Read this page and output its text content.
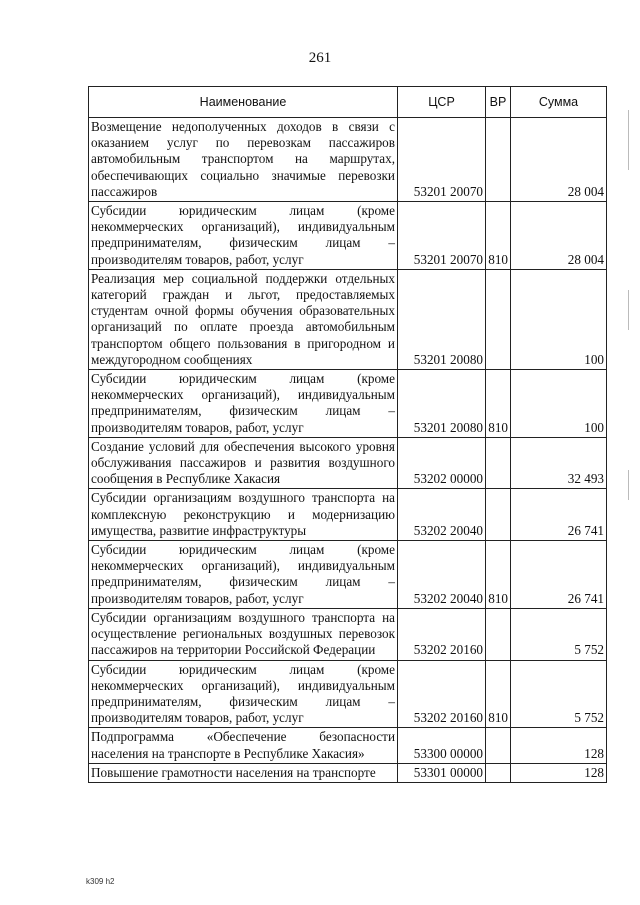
261
Наименование	ЦСР	ВР	Сумма
Возмещение недополученных доходов в связи с оказанием услуг по перевозкам пассажиров автомобильным транспортом на маршрутах, обеспечивающих социально значимые перевозки пассажиров	53201 20070		28 004
Субсидии юридическим лицам (кроме некоммерческих организаций), индивидуальным предпринимателям, физическим лицам – производителям товаров, работ, услуг	53201 20070	810	28 004
Реализация мер социальной поддержки отдельных категорий граждан и льгот, предоставляемых студентам очной формы обучения образовательных организаций по оплате проезда автомобильным транспортом общего пользования в пригородном и междугородном сообщениях	53201 20080		100
Субсидии юридическим лицам (кроме некоммерческих организаций), индивидуальным предпринимателям, физическим лицам – производителям товаров, работ, услуг	53201 20080	810	100
Создание условий для обеспечения высокого уровня обслуживания пассажиров и развития воздушного сообщения в Республике Хакасия	53202 00000		32 493
Субсидии организациям воздушного транспорта на комплексную реконструкцию и модернизацию имущества, развитие инфраструктуры	53202 20040		26 741
Субсидии юридическим лицам (кроме некоммерческих организаций), индивидуальным предпринимателям, физическим лицам – производителям товаров, работ, услуг	53202 20040	810	26 741
Субсидии организациям воздушного транспорта на осуществление региональных воздушных перевозок пассажиров на территории Российской Федерации	53202 20160		5 752
Субсидии юридическим лицам (кроме некоммерческих организаций), индивидуальным предпринимателям, физическим лицам – производителям товаров, работ, услуг	53202 20160	810	5 752
Подпрограмма «Обеспечение безопасности населения на транспорте в Республике Хакасия»	53300 00000		128
Повышение грамотности населения на транспорте	53301 00000		128
k309 h2
